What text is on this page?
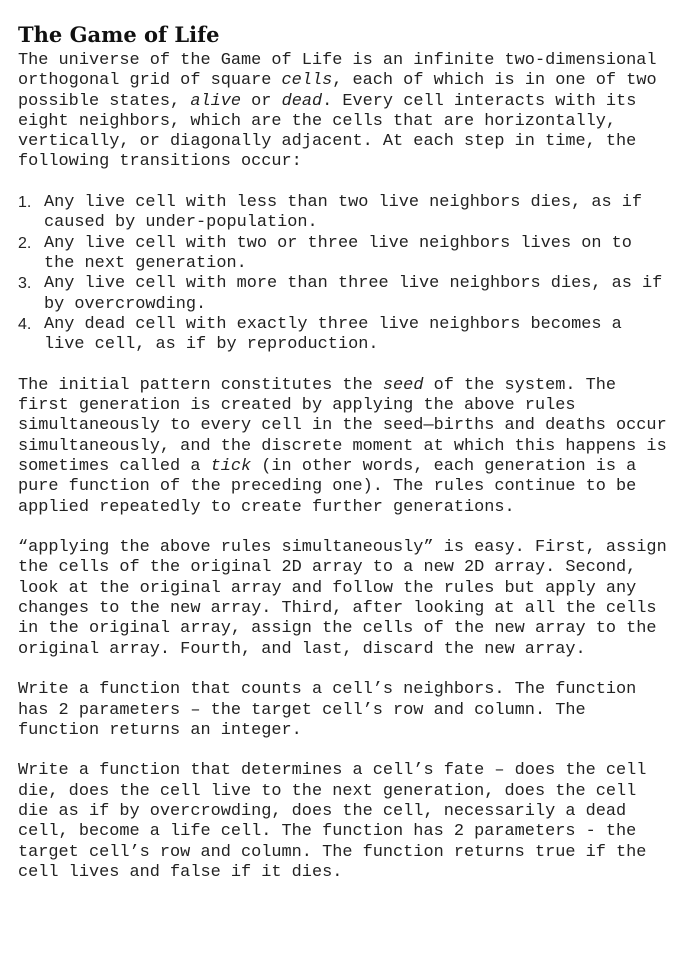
The Game of Life

The universe of the Game of Life is an infinite two-dimensional orthogonal grid of square cells, each of which is in one of two possible states, alive or dead. Every cell interacts with its eight neighbors, which are the cells that are horizontally, vertically, or diagonally adjacent. At each step in time, the following transitions occur:

Any live cell with less than two live neighbors dies, as if caused by under-population.
Any live cell with two or three live neighbors lives on to the next generation.
Any live cell with more than three live neighbors dies, as if by overcrowding.
Any dead cell with exactly three live neighbors becomes a live cell, as if by reproduction.

The initial pattern constitutes the seed of the system. The first generation is created by applying the above rules simultaneously to every cell in the seed—births and deaths occur simultaneously, and the discrete moment at which this happens is sometimes called a tick (in other words, each generation is a pure function of the preceding one). The rules continue to be applied repeatedly to create further generations.

“applying the above rules simultaneously” is easy. First, assign the cells of the original 2D array to a new 2D array. Second, look at the original array and follow the rules but apply any changes to the new array. Third, after looking at all the cells in the original array, assign the cells of the new array to the original array. Fourth, and last, discard the new array.

Write a function that counts a cell’s neighbors. The function has 2 parameters – the target cell’s row and column. The function returns an integer.

Write a function that determines a cell’s fate – does the cell die, does the cell live to the next generation, does the cell die as if by overcrowding, does the cell, necessarily a dead cell, become a life cell. The function has 2 parameters - the target cell’s row and column. The function returns true if the cell lives and false if it dies.
